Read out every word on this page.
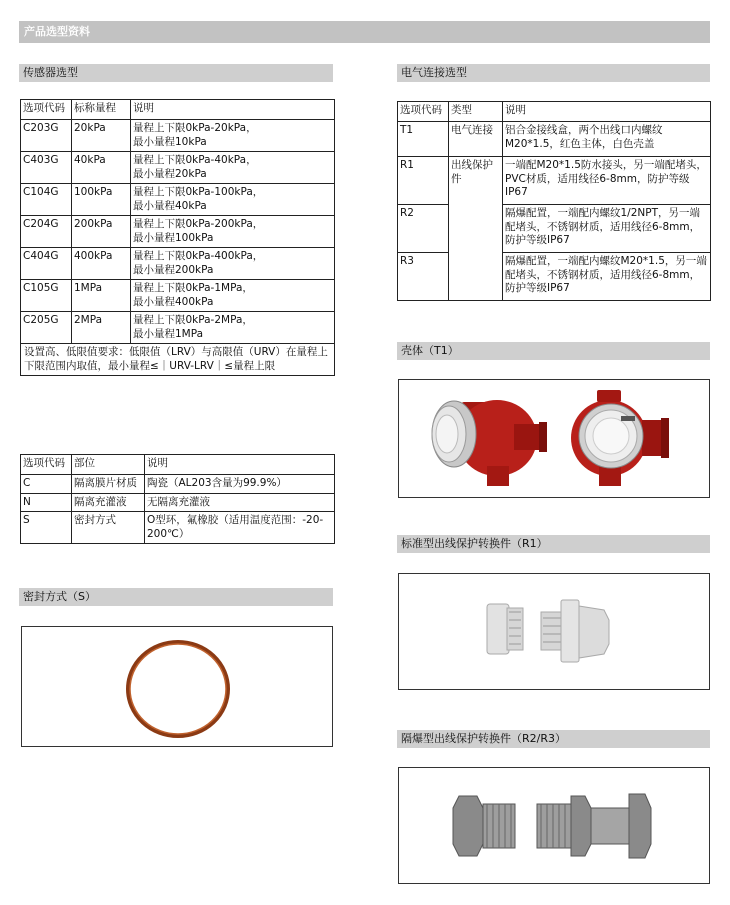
产品选型资料
传感器选型
选项代码	标称量程	说明
C203G	20kPa	量程上下限0kPa-20kPa，
最小量程10kPa

C403G	40kPa	量程上下限0kPa-40kPa，
最小量程20kPa

C104G	100kPa	量程上下限0kPa-100kPa，
最小量程40kPa

C204G	200kPa	量程上下限0kPa-200kPa，
最小量程100kPa

C404G	400kPa	量程上下限0kPa-400kPa，
最小量程200kPa

C105G	1MPa	量程上下限0kPa-1MPa，
最小量程400kPa

C205G	2MPa	量程上下限0kPa-2MPa，
最小量程1MPa

设置高、低限值要求：低限值（LRV）与高限值（URV）在量程上下限范围内取值，最小量程≤｜URV-LRV｜≤量程上限		
选项代码	部位	说明
C	隔离膜片材质	陶瓷（AL203含量为99.9%）
N	隔离充灌液	无隔离充灌液
S	密封方式	O型环，氟橡胶（适用温度范围：-20-200℃）
密封方式（S）
电气连接选型
选项代码	类型	说明
T1	电气连接	铝合金接线盒，两个出线口内螺纹M20*1.5，红色主体，白色壳盖
R1	出线保护件	一端配M20*1.5防水接头，另一端配堵头，PVC材质，适用线径6-8mm，防护等级IP67
R2		隔爆配置，一端配内螺纹1/2NPT，另一端配堵头，不锈钢材质，适用线径6-8mm，防护等级IP67
R3		隔爆配置，一端配内螺纹M20*1.5，另一端配堵头，不锈钢材质，适用线径6-8mm，防护等级IP67
壳体（T1）
标准型出线保护转换件（R1）
隔爆型出线保护转换件（R2/R3）
